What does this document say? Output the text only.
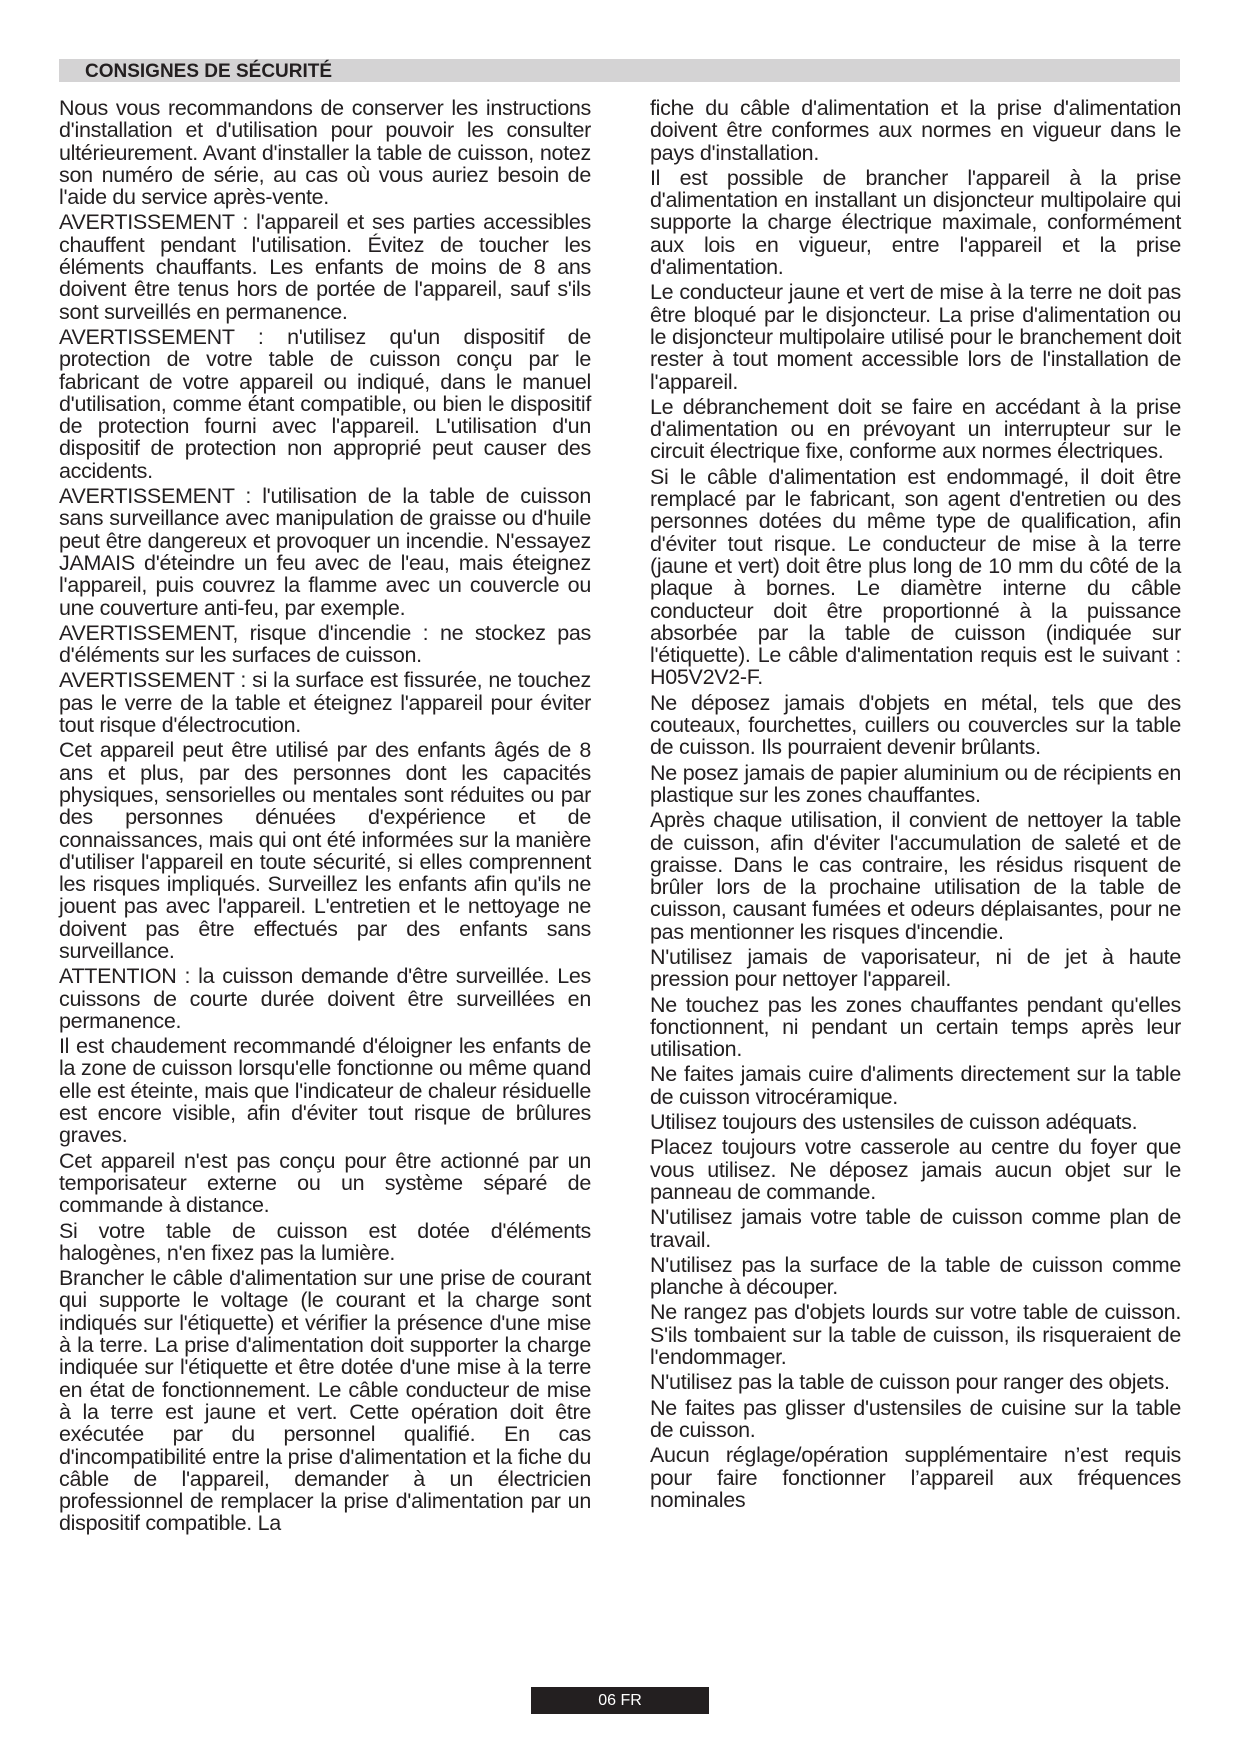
CONSIGNES DE SÉCURITÉ

Nous vous recommandons de conserver les instructions d'installation et d'utilisation pour pouvoir les consulter ultérieurement. Avant d'installer la table de cuisson, notez son numéro de série, au cas où vous auriez besoin de l'aide du service après-vente.

AVERTISSEMENT : l'appareil et ses parties accessibles chauffent pendant l'utilisation. Évitez de toucher les éléments chauffants. Les enfants de moins de 8 ans doivent être tenus hors de portée de l'appareil, sauf s'ils sont surveillés en permanence.

AVERTISSEMENT : n'utilisez qu'un dispositif de protection de votre table de cuisson conçu par le fabricant de votre appareil ou indiqué, dans le manuel d'utilisation, comme étant compatible, ou bien le dispositif de protection fourni avec l'appareil. L'utilisation d'un dispositif de protection non approprié peut causer des accidents.

AVERTISSEMENT : l'utilisation de la table de cuisson sans surveillance avec manipulation de graisse ou d'huile peut être dangereux et provoquer un incendie. N'essayez JAMAIS d'éteindre un feu avec de l'eau, mais éteignez l'appareil, puis couvrez la flamme avec un couvercle ou une couverture anti-feu, par exemple.

AVERTISSEMENT, risque d'incendie : ne stockez pas d'éléments sur les surfaces de cuisson.

AVERTISSEMENT : si la surface est fissurée, ne touchez pas le verre de la table et éteignez l'appareil pour éviter tout risque d'électrocution.

Cet appareil peut être utilisé par des enfants âgés de 8 ans et plus, par des personnes dont les capacités physiques, sensorielles ou mentales sont réduites ou par des personnes dénuées d'expérience et de connaissances, mais qui ont été informées sur la manière d'utiliser l'appareil en toute sécurité, si elles comprennent les risques impliqués. Surveillez les enfants afin qu'ils ne jouent pas avec l'appareil. L'entretien et le nettoyage ne doivent pas être effectués par des enfants sans surveillance.

ATTENTION : la cuisson demande d'être surveillée. Les cuissons de courte durée doivent être surveillées en permanence.

Il est chaudement recommandé d'éloigner les enfants de la zone de cuisson lorsqu'elle fonctionne ou même quand elle est éteinte, mais que l'indicateur de chaleur résiduelle est encore visible, afin d'éviter tout risque de brûlures graves.

Cet appareil n'est pas conçu pour être actionné par un temporisateur externe ou un système séparé de commande à distance.

Si votre table de cuisson est dotée d'éléments halogènes, n'en fixez pas la lumière.

Brancher le câble d'alimentation sur une prise de courant qui supporte le voltage (le courant et la charge sont indiqués sur l'étiquette) et vérifier la présence d'une mise à la terre. La prise d'alimentation doit supporter la charge indiquée sur l'étiquette et être dotée d'une mise à la terre en état de fonctionnement. Le câble conducteur de mise à la terre est jaune et vert. Cette opération doit être exécutée par du personnel qualifié. En cas d'incompatibilité entre la prise d'alimentation et la fiche du câble de l'appareil, demander à un électricien professionnel de remplacer la prise d'alimentation par un dispositif compatible. La

fiche du câble d'alimentation et la prise d'alimentation doivent être conformes aux normes en vigueur dans le pays d'installation.

Il est possible de brancher l'appareil à la prise d'alimentation en installant un disjoncteur multipolaire qui supporte la charge électrique maximale, conformément aux lois en vigueur, entre l'appareil et la prise d'alimentation.

Le conducteur jaune et vert de mise à la terre ne doit pas être bloqué par le disjoncteur. La prise d'alimentation ou le disjoncteur multipolaire utilisé pour le branchement doit rester à tout moment accessible lors de l'installation de l'appareil.

Le débranchement doit se faire en accédant à la prise d'alimentation ou en prévoyant un interrupteur sur le circuit électrique fixe, conforme aux normes électriques.

Si le câble d'alimentation est endommagé, il doit être remplacé par le fabricant, son agent d'entretien ou des personnes dotées du même type de qualification, afin d'éviter tout risque. Le conducteur de mise à la terre (jaune et vert) doit être plus long de 10 mm du côté de la plaque à bornes. Le diamètre interne du câble conducteur doit être proportionné à la puissance absorbée par la table de cuisson (indiquée sur l'étiquette). Le câble d'alimentation requis est le suivant : H05V2V2-F.

Ne déposez jamais d'objets en métal, tels que des couteaux, fourchettes, cuillers ou couvercles sur la table de cuisson. Ils pourraient devenir brûlants.

Ne posez jamais de papier aluminium ou de récipients en plastique sur les zones chauffantes.

Après chaque utilisation, il convient de nettoyer la table de cuisson, afin d'éviter l'accumulation de saleté et de graisse. Dans le cas contraire, les résidus risquent de brûler lors de la prochaine utilisation de la table de cuisson, causant fumées et odeurs déplaisantes, pour ne pas mentionner les risques d'incendie.

N'utilisez jamais de vaporisateur, ni de jet à haute pression pour nettoyer l'appareil.

Ne touchez pas les zones chauffantes pendant qu'elles fonctionnent, ni pendant un certain temps après leur utilisation.

Ne faites jamais cuire d'aliments directement sur la table de cuisson vitrocéramique.

Utilisez toujours des ustensiles de cuisson adéquats.

Placez toujours votre casserole au centre du foyer que vous utilisez. Ne déposez jamais aucun objet sur le panneau de commande.

N'utilisez jamais votre table de cuisson comme plan de travail.

N'utilisez pas la surface de la table de cuisson comme planche à découper.

Ne rangez pas d'objets lourds sur votre table de cuisson. S'ils tombaient sur la table de cuisson, ils risqueraient de l'endommager.

N'utilisez pas la table de cuisson pour ranger des objets.

Ne faites pas glisser d'ustensiles de cuisine sur la table de cuisson.

Aucun réglage/opération supplémentaire n’est requis pour faire fonctionner l’appareil aux fréquences nominales

06 FR
